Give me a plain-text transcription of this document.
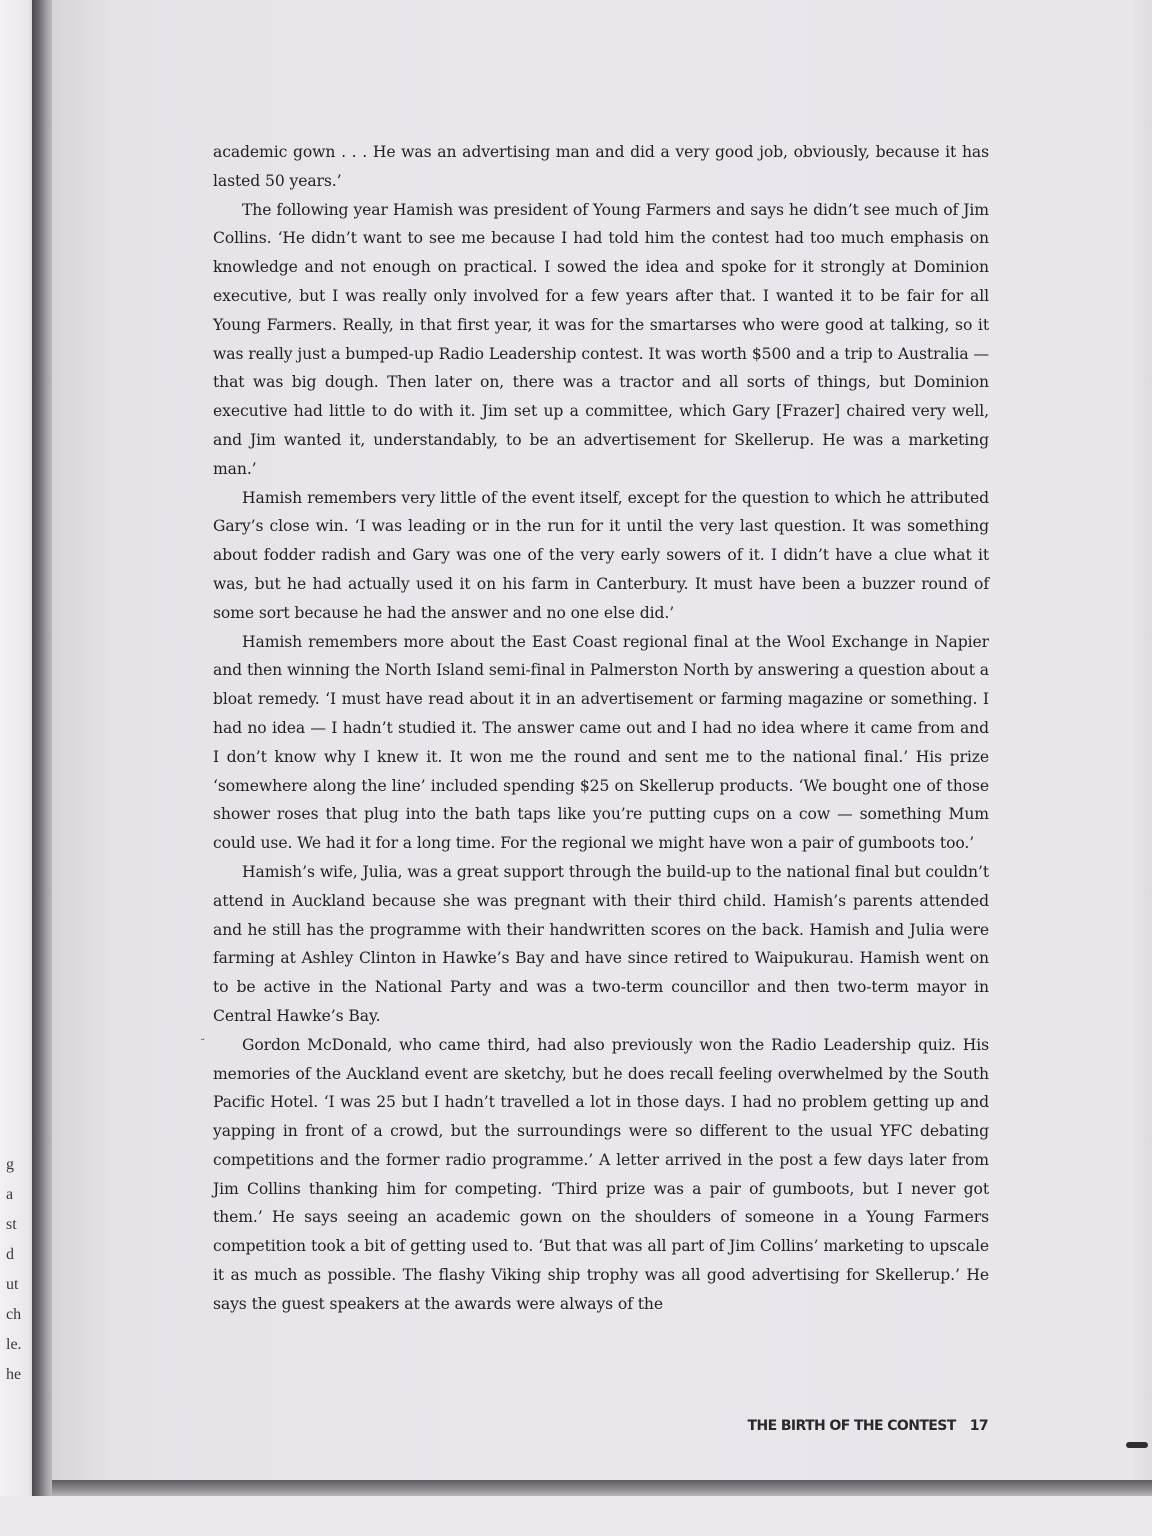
g
a
st
d
ut
ch
le.
he
˘

academic gown . . . He was an advertising man and did a very good job, obviously, because it has lasted 50 years.’

The following year Hamish was president of Young Farmers and says he didn’t see much of Jim Collins. ‘He didn’t want to see me because I had told him the contest had too much emphasis on knowledge and not enough on practical. I sowed the idea and spoke for it strongly at Dominion executive, but I was really only involved for a few years after that. I wanted it to be fair for all Young Farmers. Really, in that first year, it was for the smartarses who were good at talking, so it was really just a bumped-up Radio Leadership contest. It was worth $500 and a trip to Australia — that was big dough. Then later on, there was a tractor and all sorts of things, but Dominion executive had little to do with it. Jim set up a committee, which Gary [Frazer] chaired very well, and Jim wanted it, understandably, to be an advertisement for Skellerup. He was a marketing man.’

Hamish remembers very little of the event itself, except for the question to which he attributed Gary’s close win. ‘I was leading or in the run for it until the very last question. It was something about fodder radish and Gary was one of the very early sowers of it. I didn’t have a clue what it was, but he had actually used it on his farm in Canterbury. It must have been a buzzer round of some sort because he had the answer and no one else did.’

Hamish remembers more about the East Coast regional final at the Wool Exchange in Napier and then winning the North Island semi-final in Palmerston North by answering a question about a bloat remedy. ‘I must have read about it in an advertisement or farming magazine or something. I had no idea — I hadn’t studied it. The answer came out and I had no idea where it came from and I don’t know why I knew it. It won me the round and sent me to the national final.’ His prize ‘somewhere along the line’ included spending $25 on Skellerup products. ‘We bought one of those shower roses that plug into the bath taps like you’re putting cups on a cow — something Mum could use. We had it for a long time. For the regional we might have won a pair of gumboots too.’

Hamish’s wife, Julia, was a great support through the build-up to the national final but couldn’t attend in Auckland because she was pregnant with their third child. Hamish’s parents attended and he still has the programme with their handwritten scores on the back. Hamish and Julia were farming at Ashley Clinton in Hawke’s Bay and have since retired to Waipukurau. Hamish went on to be active in the National Party and was a two-term councillor and then two-term mayor in Central Hawke’s Bay.

Gordon McDonald, who came third, had also previously won the Radio Leadership quiz. His memories of the Auckland event are sketchy, but he does recall feeling overwhelmed by the South Pacific Hotel. ‘I was 25 but I hadn’t travelled a lot in those days. I had no problem getting up and yapping in front of a crowd, but the surroundings were so different to the usual YFC debating competitions and the former radio programme.’ A letter arrived in the post a few days later from Jim Collins thanking him for competing. ‘Third prize was a pair of gumboots, but I never got them.’ He says seeing an academic gown on the shoulders of someone in a Young Farmers competition took a bit of getting used to. ‘But that was all part of Jim Collins’ marketing to upscale it as much as possible. The flashy Viking ship trophy was all good advertising for Skellerup.’ He says the guest speakers at the awards were always of the

THE BIRTH OF THE CONTEST 17
